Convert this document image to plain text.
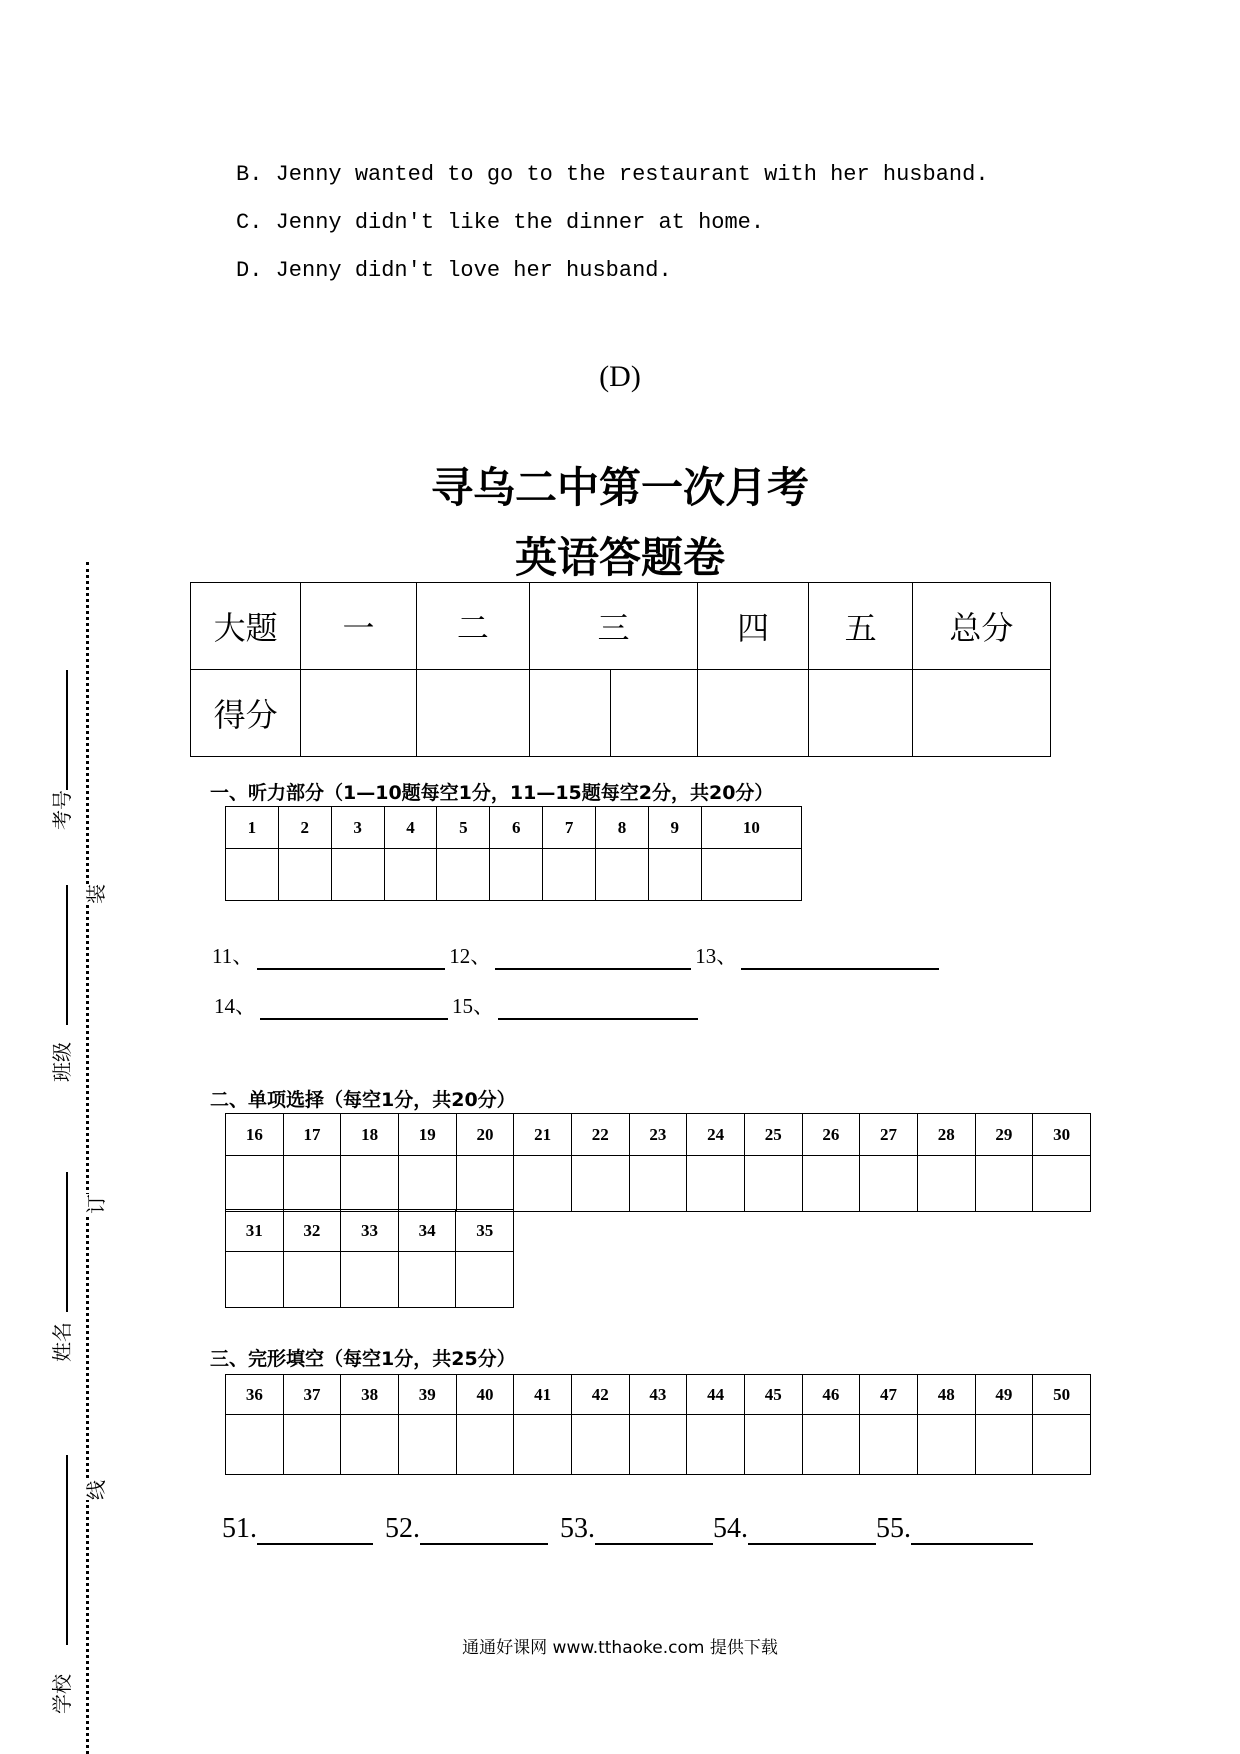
B. Jenny wanted to go to the restaurant with her husband.
C. Jenny didn't like the dinner at home.
D. Jenny didn't love her husband.
(D)
寻乌二中第一次月考
英语答题卷
大题	一	二	三		四	五	总分
得分							
一、听力部分（1—10题每空1分，11—15题每空2分，共20分）
1	2	3	4	5	6	7	8	9	10

11、	12、	13、
14、	15、
二、单项选择（每空1分，共20分）
16	17	18	19	20	21	22	23	24	25	26	27	28	29	30

31	32	33	34	35

三、完形填空（每空1分，共25分）
36	37	38	39	40	41	42	43	44	45	46	47	48	49	50

51.	52.	53.	54.	55.
考号
班级
姓名
学校
装
订
线
通通好课网 www.tthaoke.com 提供下载
